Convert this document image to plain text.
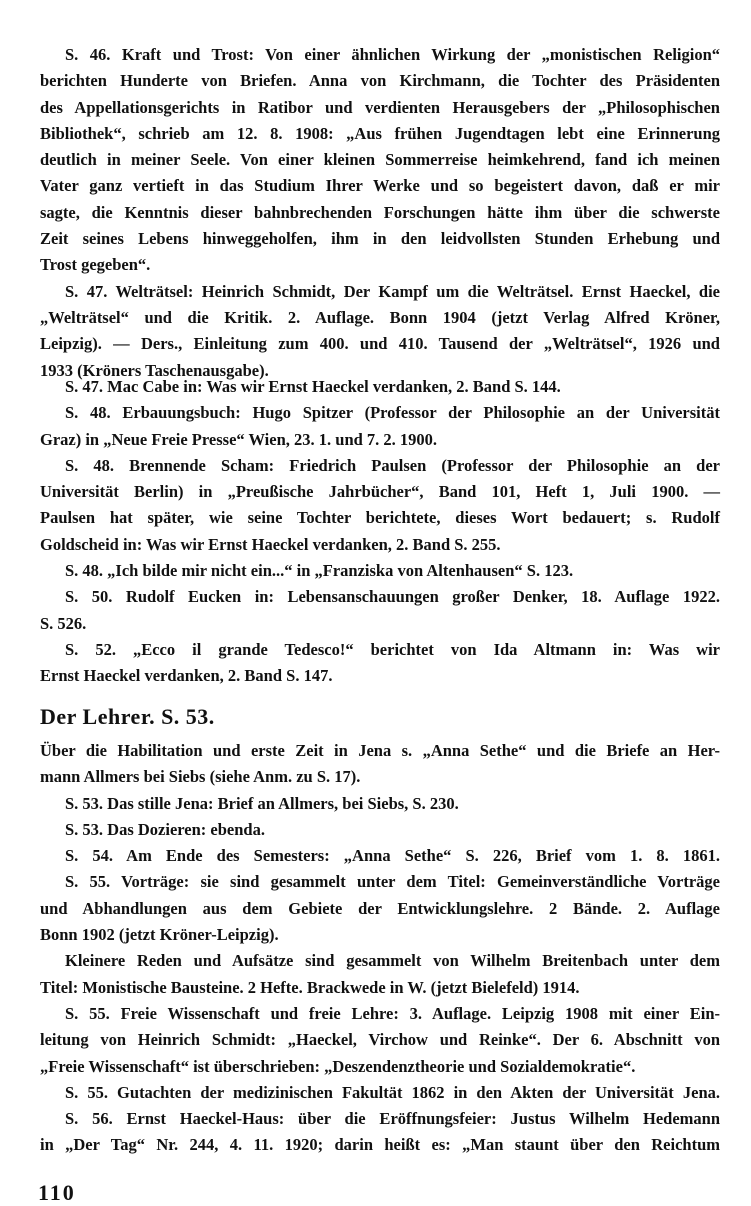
S. 46. Kraft und Trost: Von einer ähnlichen Wirkung der „monistischen Religion“
berichten Hunderte von Briefen. Anna von Kirchmann, die Tochter des Präsidenten
des Appellationsgerichts in Ratibor und verdienten Herausgebers der „Philosophischen
Bibliothek“, schrieb am 12. 8. 1908: „Aus frühen Jugendtagen lebt eine Erinnerung
deutlich in meiner Seele. Von einer kleinen Sommerreise heimkehrend, fand ich meinen
Vater ganz vertieft in das Studium Ihrer Werke und so begeistert davon, daß er mir
sagte, die Kenntnis dieser bahnbrechenden Forschungen hätte ihm über die schwerste
Zeit seines Lebens hinweggeholfen, ihm in den leidvollsten Stunden Erhebung und
Trost gegeben“.
S. 47. Welträtsel: Heinrich Schmidt, Der Kampf um die Welträtsel. Ernst Haeckel, die
„Welträtsel“ und die Kritik. 2. Auflage. Bonn 1904 (jetzt Verlag Alfred Kröner,
Leipzig). — Ders., Einleitung zum 400. und 410. Tausend der „Welträtsel“, 1926 und
1933 (Kröners Taschenausgabe).
S. 47. Mac Cabe in: Was wir Ernst Haeckel verdanken, 2. Band S. 144.
S. 48. Erbauungsbuch: Hugo Spitzer (Professor der Philosophie an der Universität
Graz) in „Neue Freie Presse“ Wien, 23. 1. und 7. 2. 1900.
S. 48. Brennende Scham: Friedrich Paulsen (Professor der Philosophie an der
Universität Berlin) in „Preußische Jahrbücher“, Band 101, Heft 1, Juli 1900. —
Paulsen hat später, wie seine Tochter berichtete, dieses Wort bedauert; s. Rudolf
Goldscheid in: Was wir Ernst Haeckel verdanken, 2. Band S. 255.
S. 48. „Ich bilde mir nicht ein...“ in „Franziska von Altenhausen“ S. 123.
S. 50. Rudolf Eucken in: Lebensanschauungen großer Denker, 18. Auflage 1922.
S. 526.
S. 52. „Ecco il grande Tedesco!“ berichtet von Ida Altmann in: Was wir
Ernst Haeckel verdanken, 2. Band S. 147.
Der Lehrer. S. 53.
Über die Habilitation und erste Zeit in Jena s. „Anna Sethe“ und die Briefe an Her-
mann Allmers bei Siebs (siehe Anm. zu S. 17).
S. 53. Das stille Jena: Brief an Allmers, bei Siebs, S. 230.
S. 53. Das Dozieren: ebenda.
S. 54. Am Ende des Semesters: „Anna Sethe“ S. 226, Brief vom 1. 8. 1861.
S. 55. Vorträge: sie sind gesammelt unter dem Titel: Gemeinverständliche Vorträge
und Abhandlungen aus dem Gebiete der Entwicklungslehre. 2 Bände. 2. Auflage
Bonn 1902 (jetzt Kröner-Leipzig).
Kleinere Reden und Aufsätze sind gesammelt von Wilhelm Breitenbach unter dem
Titel: Monistische Bausteine. 2 Hefte. Brackwede in W. (jetzt Bielefeld) 1914.
S. 55. Freie Wissenschaft und freie Lehre: 3. Auflage. Leipzig 1908 mit einer Ein-
leitung von Heinrich Schmidt: „Haeckel, Virchow und Reinke“. Der 6. Abschnitt von
„Freie Wissenschaft“ ist überschrieben: „Deszendenztheorie und Sozialdemokratie“.
S. 55. Gutachten der medizinischen Fakultät 1862 in den Akten der Universität Jena.
S. 56. Ernst Haeckel-Haus: über die Eröffnungsfeier: Justus Wilhelm Hedemann
in „Der Tag“ Nr. 244, 4. 11. 1920; darin heißt es: „Man staunt über den Reichtum
110
